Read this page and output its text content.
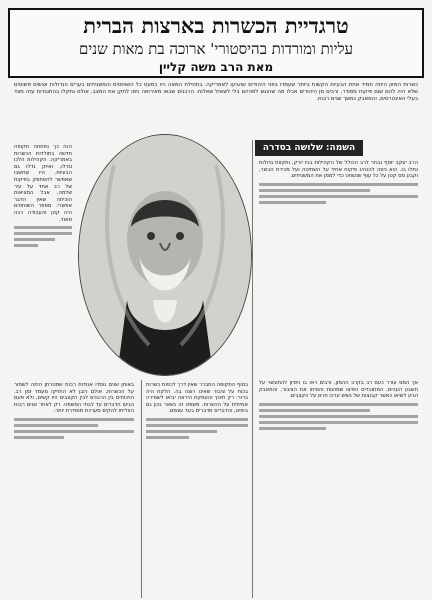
טרגדיית הכשרות בארצות הברית
עליות ומורדות בהיסטורי' ארוכה בת מאות שנים
מאת הרב משה קליין
כשרות המזון היתה תמיד אחת הבעיות הקשות ביותר שעמדו בפני היהודים שהגיעו לאמריקה. בתחילת המאה היו כמעט כל השוחטים והמשגיחים בערים הגדולות אנשים פשוטים שלא היה להם שום פיקוח מסודר, ורבים מן היהודים אכלו מה שהוגש לפניהם בלי לשאול שאלות. הרבנים שבאו מאירופה ניסו לתקן את המצב, אולם נתקלו בהתנגדות עזה מצד בעלי האינטרסים, והמאבק נמשך שנים רבות.
השמה: שלושה בסדרה
הרב יעקב יוסף נבחר לרב הכולל של הקהילות בניו יורק, ותקוות גדולות נתלו בו. הוא ניסה להנהיג פיקוח אחיד על השחיטה ועל מכירת הבשר, וקבע מס קטן על כל עוף שנשחט כדי לממן את המשגיחים.
אך המס עורר כעס רב בקרב ההמון, ורבים ראו בו ניסיון להתעשר על חשבון העניים. המתנגדים הפיצו שמועות והסיתו את הציבור, והמאבק הגיע לשיאו כאשר קבוצות של נשים ערכו חרם על הקצבים.
הנה כך נפתחה תקופה חדשה בתולדות הכשרות באמריקה. הקהילות הלכו וגדלו, ואיתן גדלו גם הבעיות. היו שחשבו שאפשר להסתפק בפיקוח של רב אחד על עיר שלמה, אבל המציאות הוכיחה שאין הדבר אפשרי. מספר השוחטים היה קטן והעבודה רבה מאוד.
באותן שנים נוסדו אגודות רבות שמטרתן היתה לשמור על הכשרות, אולם רובן לא החזיקו מעמד זמן רב. הויכוחים בין הרבנים לבין הקצבים היו קשים, ולא פעם הגיעו הדברים עד לבתי המשפט. רק לאחר שנים רבות הצליחו להקים מערכת מסודרת יותר.
בסוף התקופה התברר שאין דרך לכפות כשרות בכוח על ציבור שאינו רוצה בה. הלקח היה ברור: רק חינוך והעמקת היראה יביאו לשמירה אמיתית על הכשרות. משפט זה נשאר נכון גם בימינו, והדברים מדברים בעד עצמם.
